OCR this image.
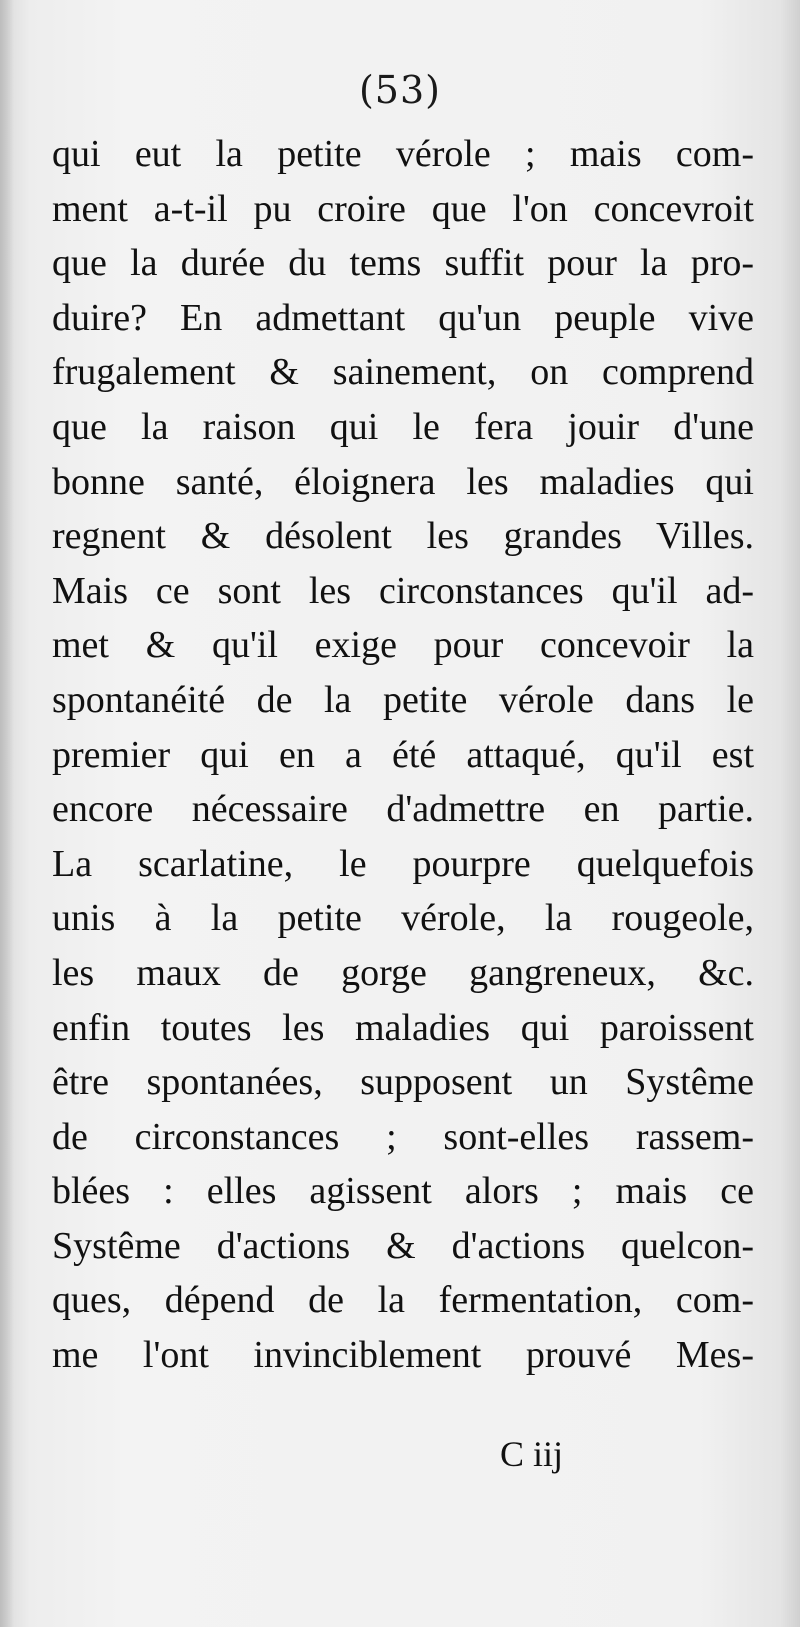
(53)
qui eut la petite vérole ; mais com-
ment a-t-il pu croire que l'on concevroit
que la durée du tems suffit pour la pro-
duire? En admettant qu'un peuple vive
frugalement & sainement, on comprend
que la raison qui le fera jouir d'une
bonne santé, éloignera les maladies qui
regnent & désolent les grandes Villes.
Mais ce sont les circonstances qu'il ad-
met & qu'il exige pour concevoir la
spontanéité de la petite vérole dans le
premier qui en a été attaqué, qu'il est
encore nécessaire d'admettre en partie.
La scarlatine, le pourpre quelquefois
unis à la petite vérole, la rougeole,
les maux de gorge gangreneux, &c.
enfin toutes les maladies qui paroissent
être spontanées, supposent un Systême
de circonstances ; sont-elles rassem-
blées : elles agissent alors ; mais ce
Systême d'actions & d'actions quelcon-
ques, dépend de la fermentation, com-
me l'ont invinciblement prouvé Mes-
C iij
